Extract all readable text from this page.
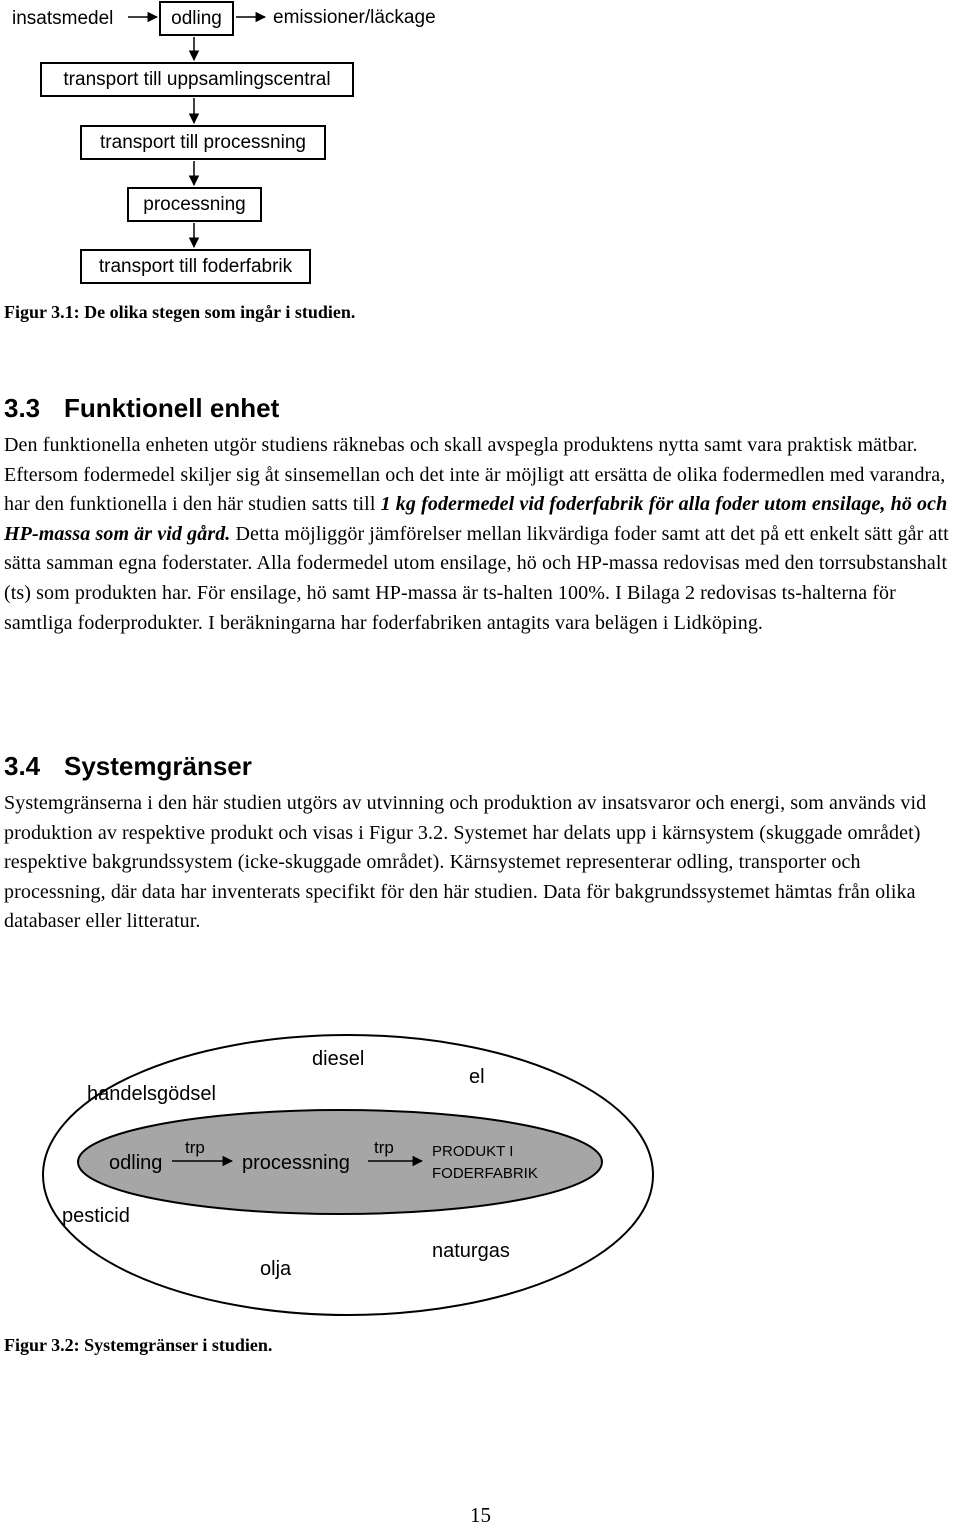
insatsmedel	odling	emissioner/läckage
transport till uppsamlingscentral
transport till processning
processning
transport till foderfabrik
Figur 3.1: De olika stegen som ingår i studien.
3.3 Funktionell enhet
Den funktionella enheten utgör studiens räknebas och skall avspegla produktens nytta samt vara praktisk mätbar. Eftersom fodermedel skiljer sig åt sinsemellan och det inte är möjligt att ersätta de olika fodermedlen med varandra, har den funktionella i den här studien satts till 1 kg fodermedel vid foderfabrik för alla foder utom ensilage, hö och HP-massa som är vid gård. Detta möjliggör jämförelser mellan likvärdiga foder samt att det på ett enkelt sätt går att sätta samman egna foderstater. Alla fodermedel utom ensilage, hö och HP-massa redovisas med den torrsubstanshalt (ts) som produkten har. För ensilage, hö samt HP-massa är ts-halten 100%. I Bilaga 2 redovisas ts-halterna för samtliga foderprodukter. I beräkningarna har foderfabriken antagits vara belägen i Lidköping.
3.4 Systemgränser
Systemgränserna i den här studien utgörs av utvinning och produktion av insatsvaror och energi, som används vid produktion av respektive produkt och visas i Figur 3.2. Systemet har delats upp i kärnsystem (skuggade området) respektive bakgrundssystem (icke-skuggade området). Kärnsystemet representerar odling, transporter och processning, där data har inventerats specifikt för den här studien. Data för bakgrundssystemet hämtas från olika databaser eller litteratur.
diesel
el
handelsgödsel
odling
trp
processning
trp	PRODUKT I
FODERFABRIK
pesticid
naturgas
olja
Figur 3.2: Systemgränser i studien.
15
